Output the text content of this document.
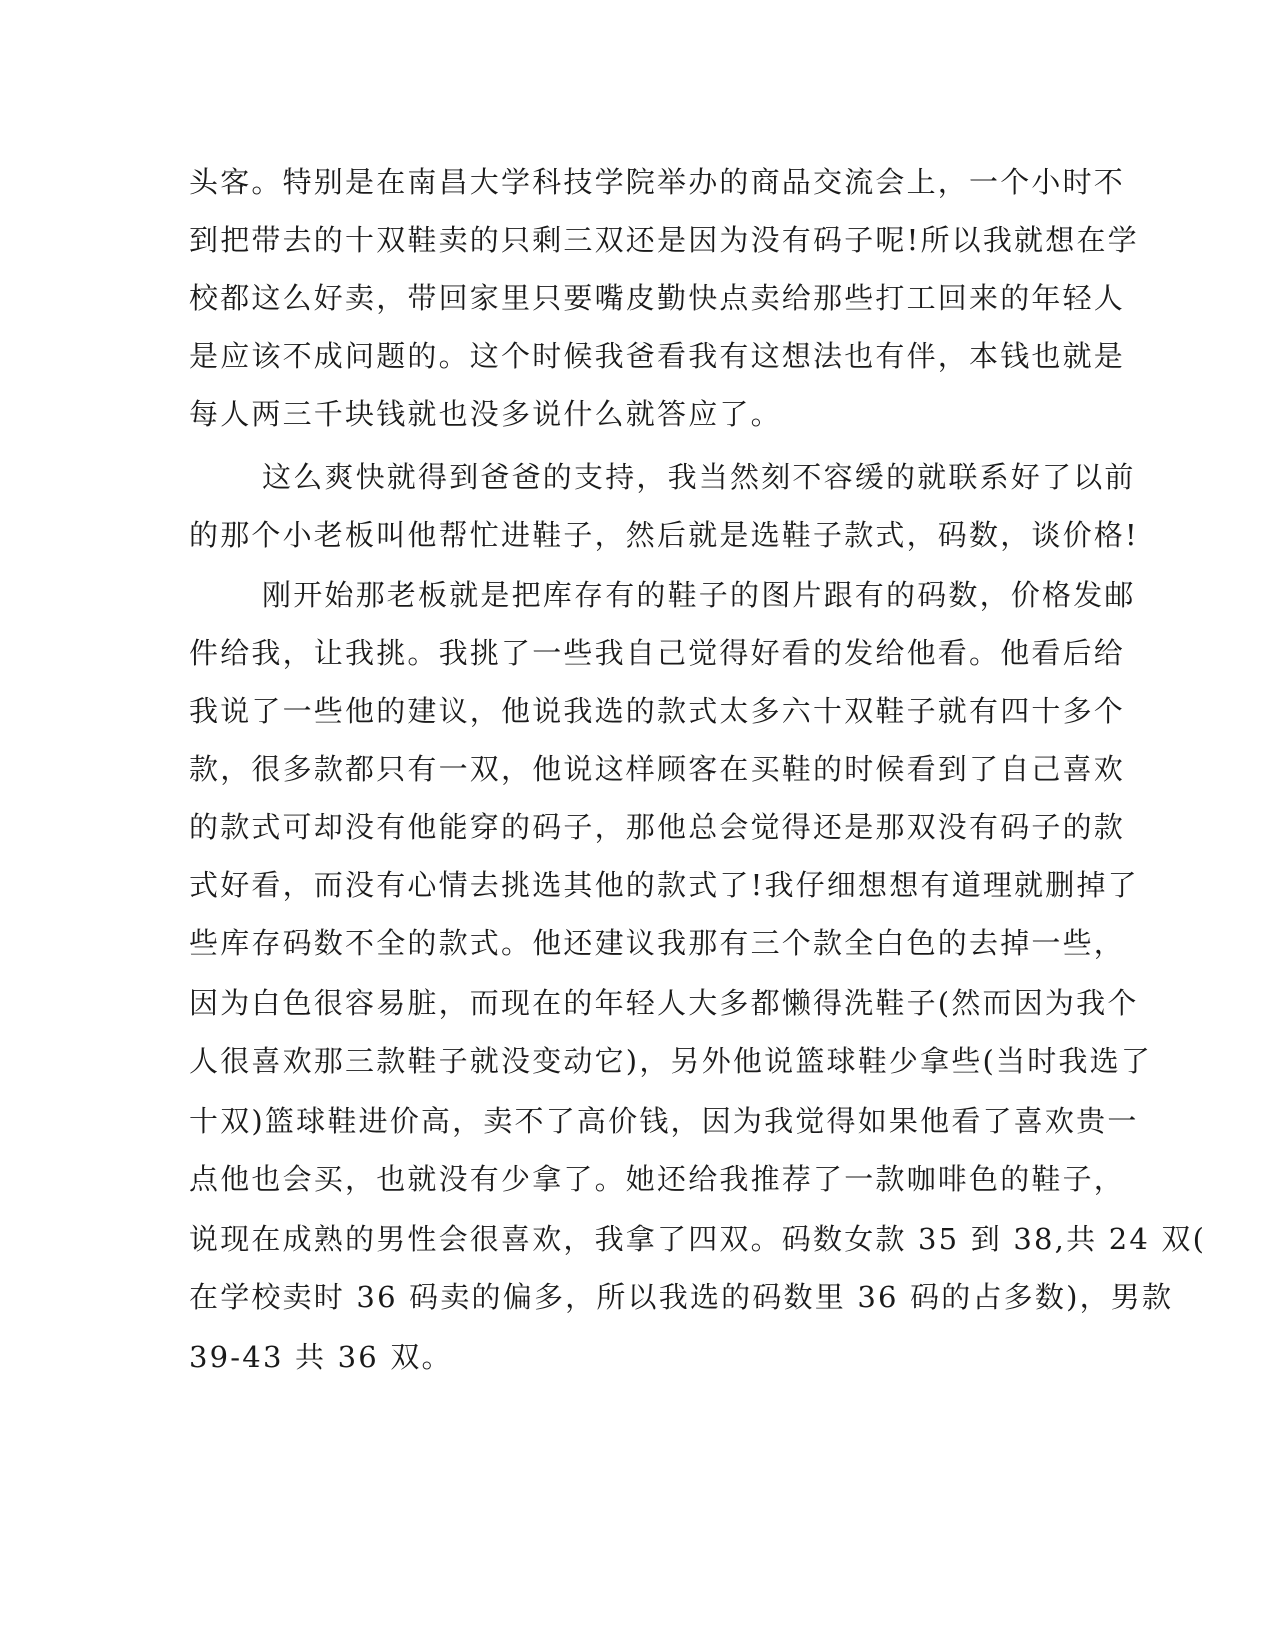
头客。特别是在南昌大学科技学院举办的商品交流会上，一个小时不
到把带去的十双鞋卖的只剩三双还是因为没有码子呢!所以我就想在学
校都这么好卖，带回家里只要嘴皮勤快点卖给那些打工回来的年轻人
是应该不成问题的。这个时候我爸看我有这想法也有伴，本钱也就是
每人两三千块钱就也没多说什么就答应了。
这么爽快就得到爸爸的支持，我当然刻不容缓的就联系好了以前
的那个小老板叫他帮忙进鞋子，然后就是选鞋子款式，码数，谈价格!
刚开始那老板就是把库存有的鞋子的图片跟有的码数，价格发邮
件给我，让我挑。我挑了一些我自己觉得好看的发给他看。他看后给
我说了一些他的建议，他说我选的款式太多六十双鞋子就有四十多个
款，很多款都只有一双，他说这样顾客在买鞋的时候看到了自己喜欢
的款式可却没有他能穿的码子，那他总会觉得还是那双没有码子的款
式好看，而没有心情去挑选其他的款式了!我仔细想想有道理就删掉了
些库存码数不全的款式。他还建议我那有三个款全白色的去掉一些，
因为白色很容易脏，而现在的年轻人大多都懒得洗鞋子(然而因为我个
人很喜欢那三款鞋子就没变动它)，另外他说篮球鞋少拿些(当时我选了
十双)篮球鞋进价高，卖不了高价钱，因为我觉得如果他看了喜欢贵一
点他也会买，也就没有少拿了。她还给我推荐了一款咖啡色的鞋子，
说现在成熟的男性会很喜欢，我拿了四双。码数女款 35 到 38,共 24 双(
在学校卖时 36 码卖的偏多，所以我选的码数里 36 码的占多数)，男款
39-43 共 36 双。
